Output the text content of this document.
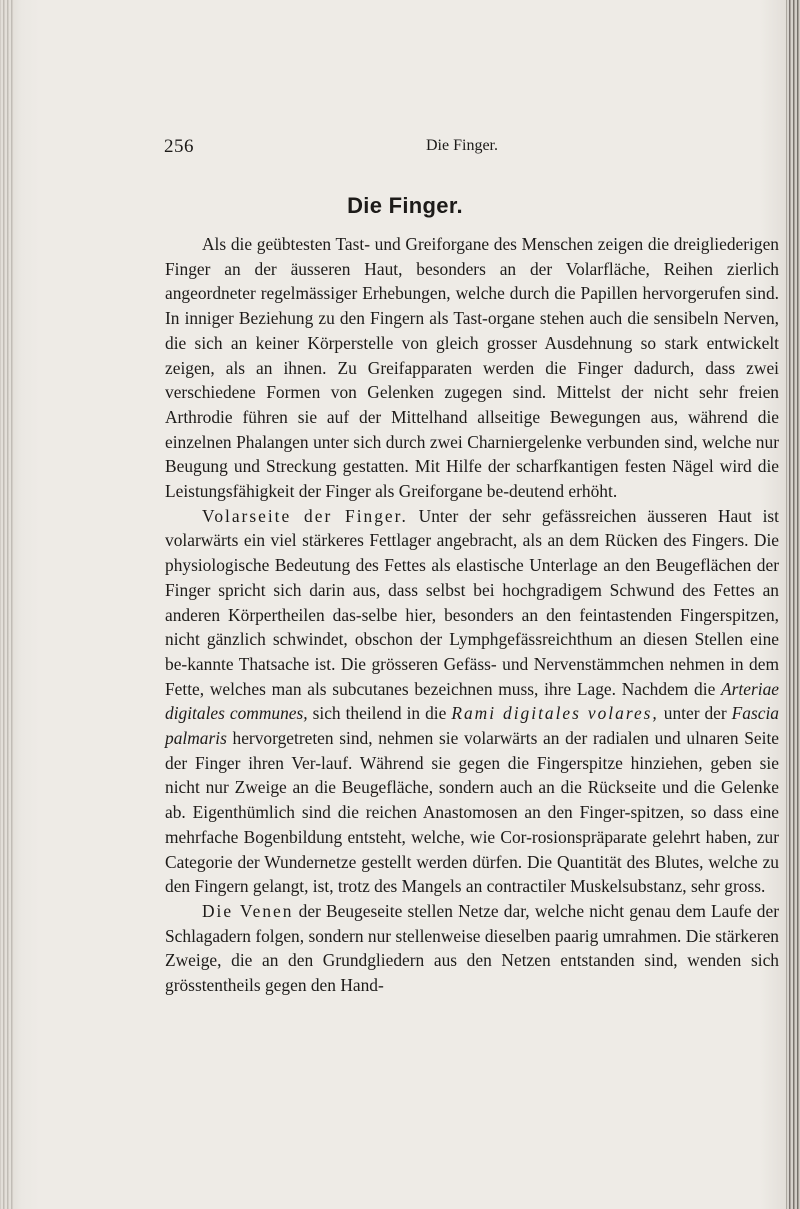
256	Die Finger.
Die Finger.

Als die geübtesten Tast- und Greiforgane des Menschen zeigen die dreigliederigen Finger an der äusseren Haut, besonders an der Volarfläche, Reihen zierlich angeordneter regelmässiger Erhebungen, welche durch die Papillen hervorgerufen sind. In inniger Beziehung zu den Fingern als Tast-organe stehen auch die sensibeln Nerven, die sich an keiner Körperstelle von gleich grosser Ausdehnung so stark entwickelt zeigen, als an ihnen. Zu Greifapparaten werden die Finger dadurch, dass zwei verschiedene Formen von Gelenken zugegen sind. Mittelst der nicht sehr freien Arthrodie führen sie auf der Mittelhand allseitige Bewegungen aus, während die einzelnen Phalangen unter sich durch zwei Charniergelenke verbunden sind, welche nur Beugung und Streckung gestatten. Mit Hilfe der scharfkantigen festen Nägel wird die Leistungsfähigkeit der Finger als Greiforgane be-deutend erhöht.

Volarseite der Finger. Unter der sehr gefässreichen äusseren Haut ist volarwärts ein viel stärkeres Fettlager angebracht, als an dem Rücken des Fingers. Die physiologische Bedeutung des Fettes als elastische Unterlage an den Beugeflächen der Finger spricht sich darin aus, dass selbst bei hochgradigem Schwund des Fettes an anderen Körpertheilen das-selbe hier, besonders an den feintastenden Fingerspitzen, nicht gänzlich schwindet, obschon der Lymphgefässreichthum an diesen Stellen eine be-kannte Thatsache ist. Die grösseren Gefäss- und Nervenstämmchen nehmen in dem Fette, welches man als subcutanes bezeichnen muss, ihre Lage. Nachdem die Arteriae digitales communes, sich theilend in die Rami digitales volares, unter der Fascia palmaris hervorgetreten sind, nehmen sie volarwärts an der radialen und ulnaren Seite der Finger ihren Ver-lauf. Während sie gegen die Fingerspitze hinziehen, geben sie nicht nur Zweige an die Beugefläche, sondern auch an die Rückseite und die Gelenke ab. Eigenthümlich sind die reichen Anastomosen an den Finger-spitzen, so dass eine mehrfache Bogenbildung entsteht, welche, wie Cor-rosionspräparate gelehrt haben, zur Categorie der Wundernetze gestellt werden dürfen. Die Quantität des Blutes, welche zu den Fingern gelangt, ist, trotz des Mangels an contractiler Muskelsubstanz, sehr gross.

Die Venen der Beugeseite stellen Netze dar, welche nicht genau dem Laufe der Schlagadern folgen, sondern nur stellenweise dieselben paarig umrahmen. Die stärkeren Zweige, die an den Grundgliedern aus den Netzen entstanden sind, wenden sich grösstentheils gegen den Hand-
